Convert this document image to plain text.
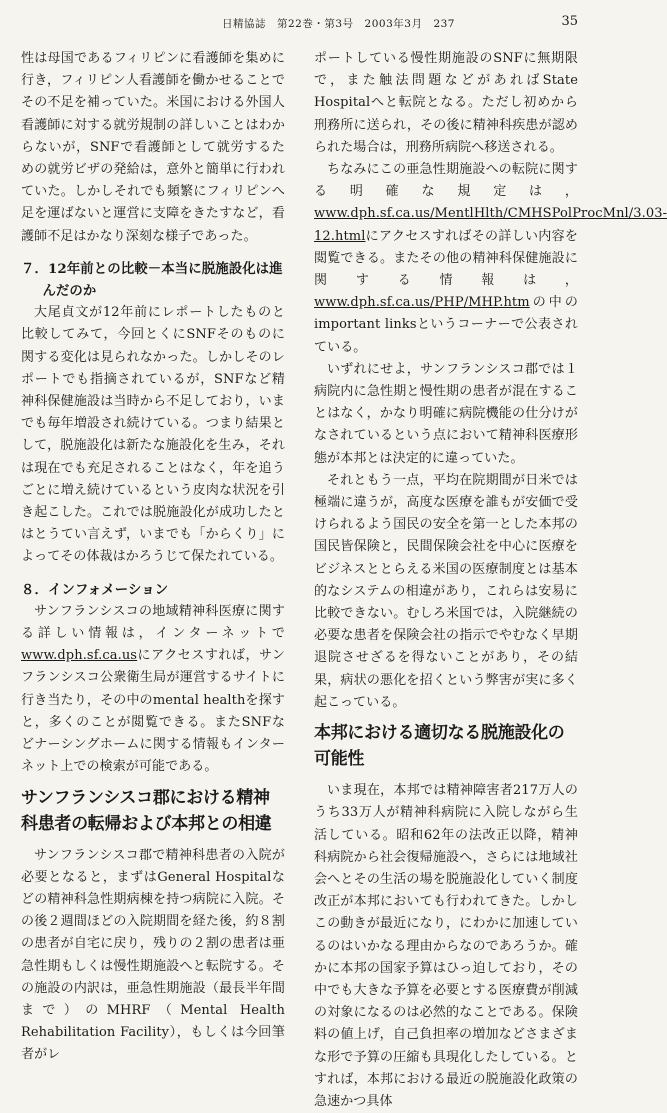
日精協誌　第22巻・第3号　2003年3月　237	35

性は母国であるフィリピンに看護師を集めに行き，フィリピン人看護師を働かせることでその不足を補っていた。米国における外国人看護師に対する就労規制の詳しいことはわからないが，SNFで看護師として就労するための就労ビザの発給は，意外と簡単に行われていた。しかしそれでも頻繁にフィリピンへ足を運ばないと運営に支障をきたすなど，看護師不足はかなり深刻な様子であった。

７．12年前との比較－本当に脱施設化は進んだのか

大尾貞文が12年前にレポートしたものと比較してみて，今回とくにSNFそのものに関する変化は見られなかった。しかしそのレポートでも指摘されているが，SNFなど精神科保健施設は当時から不足しており，いまでも毎年増設され続けている。つまり結果として，脱施設化は新たな施設化を生み，それは現在でも充足されることはなく，年を追うごとに増え続けているという皮肉な状況を引き起こした。これでは脱施設化が成功したとはとうてい言えず，いまでも「からくり」によってその体裁はかろうじて保たれている。

８．インフォメーション

サンフランシスコの地域精神科医療に関する詳しい情報は，インターネットでwww.dph.sf.ca.usにアクセスすれば，サンフランシスコ公衆衛生局が運営するサイトに行き当たり，その中のmental healthを探すと，多くのことが閲覧できる。またSNFなどナーシングホームに関する情報もインターネット上での検索が可能である。

サンフランシスコ郡における精神科患者の転帰および本邦との相違

サンフランシスコ郡で精神科患者の入院が必要となると，まずはGeneral Hospitalなどの精神科急性期病棟を持つ病院に入院。その後２週間ほどの入院期間を経た後，約８割の患者が自宅に戻り，残りの２割の患者は亜急性期もしくは慢性期施設へと転院する。その施設の内訳は，亜急性期施設（最長半年間まで）のMHRF（Mental Health Rehabilitation Facility），もしくは今回筆者がレ

ポートしている慢性期施設のSNFに無期限で，また触法問題などがあればState Hospitalへと転院となる。ただし初めから刑務所に送られ，その後に精神科疾患が認められた場合は，刑務所病院へ移送される。

ちなみにこの亜急性期施設への転院に関する明確な規定は，www.dph.sf.ca.us/MentlHlth/CMHSPolProcMnl/3.03-12.htmlにアクセスすればその詳しい内容を閲覧できる。またその他の精神科保健施設に関する情報は，www.dph.sf.ca.us/PHP/MHP.htmの中のimportant linksというコーナーで公表されている。

いずれにせよ，サンフランシスコ郡では１病院内に急性期と慢性期の患者が混在することはなく，かなり明確に病院機能の仕分けがなされているという点において精神科医療形態が本邦とは決定的に違っていた。

それともう一点，平均在院期間が日米では極端に違うが，高度な医療を誰もが安価で受けられるよう国民の安全を第一とした本邦の国民皆保険と，民間保険会社を中心に医療をビジネスととらえる米国の医療制度とは基本的なシステムの相違があり，これらは安易に比較できない。むしろ米国では，入院継続の必要な患者を保険会社の指示でやむなく早期退院させざるを得ないことがあり，その結果，病状の悪化を招くという弊害が実に多く起こっている。

本邦における適切なる脱施設化の可能性

いま現在，本邦では精神障害者217万人のうち33万人が精神科病院に入院しながら生活している。昭和62年の法改正以降，精神科病院から社会復帰施設へ，さらには地域社会へとその生活の場を脱施設化していく制度改正が本邦においても行われてきた。しかしこの動きが最近になり，にわかに加速しているのはいかなる理由からなのであろうか。確かに本邦の国家予算はひっ迫しており，その中でも大きな予算を必要とする医療費が削減の対象になるのは必然的なことである。保険料の値上げ，自己負担率の増加などさまざまな形で予算の圧縮も具現化したしている。とすれば，本邦における最近の脱施設化政策の急速かつ具体
